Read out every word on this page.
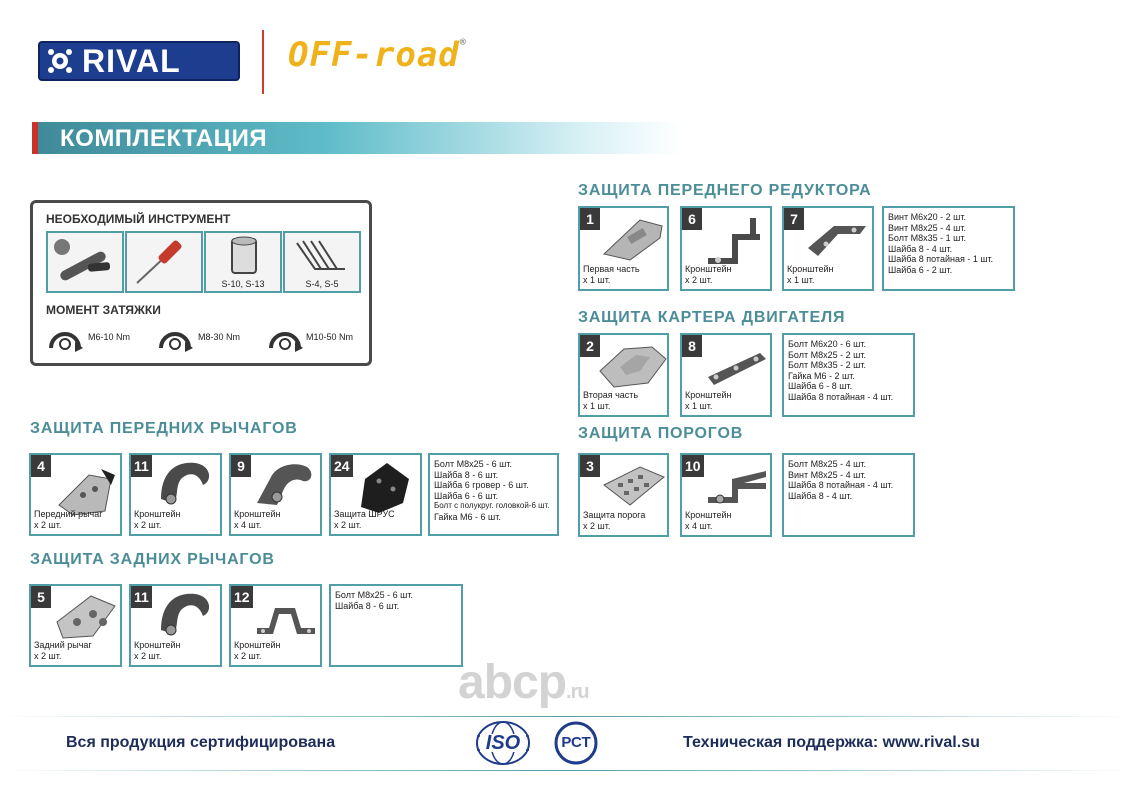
RIVAL	OFF-road®
КОМПЛЕКТАЦИЯ
НЕОБХОДИМЫЙ ИНСТРУМЕНТ
S-10, S-13	S-4, S-5
МОМЕНТ ЗАТЯЖКИ
M6-10 Nm	M8-30 Nm	M10-50 Nm
ЗАЩИТА ПЕРЕДНИХ РЫЧАГОВ
4
Передний рычаг
х 2 шт.
11
Кронштейн
х 2 шт.
9
Кронштейн
х 4 шт.
24
Защита ШРУС
х 2 шт.
Болт М8х25 - 6 шт.
Шайба 8 - 6 шт.
Шайба 6 гровер - 6 шт.
Шайба 6 - 6 шт.
Болт с полукруг. головкой-6 шт.
Гайка М6 - 6 шт.
ЗАЩИТА ЗАДНИХ РЫЧАГОВ
5
Задний рычаг
х 2 шт.
11
Кронштейн
х 2 шт.
12
Кронштейн
х 2 шт.
Болт М8х25 - 6 шт.
Шайба 8 - 6 шт.
ЗАЩИТА ПЕРЕДНЕГО РЕДУКТОРА
1
Первая часть
х 1 шт.
6
Кронштейн
х 2 шт.
7
Кронштейн
х 1 шт.
Винт М6х20 - 2 шт.
Винт М8х25 - 4 шт.
Болт М8х35 - 1 шт.
Шайба 8 - 4 шт.
Шайба 8 потайная - 1 шт.
Шайба 6 - 2 шт.
ЗАЩИТА КАРТЕРА ДВИГАТЕЛЯ
2
Вторая часть
х 1 шт.
8
Кронштейн
х 1 шт.
Болт М6х20 - 6 шт.
Болт М8х25 - 2 шт.
Болт М8х35 - 2 шт.
Гайка М6 - 2 шт.
Шайба 6 - 8 шт.
Шайба 8 потайная - 4 шт.
ЗАЩИТА ПОРОГОВ
3
Защита порога
х 2 шт.
10
Кронштейн
х 4 шт.
Болт М8х25 - 4 шт.
Винт М8х25 - 4 шт.
Шайба 8 потайная - 4 шт.
Шайба 8 - 4 шт.
abcp.ru
Вся продукция сертифицирована	Техническая поддержка: www.rival.su
ISO	РСТ
